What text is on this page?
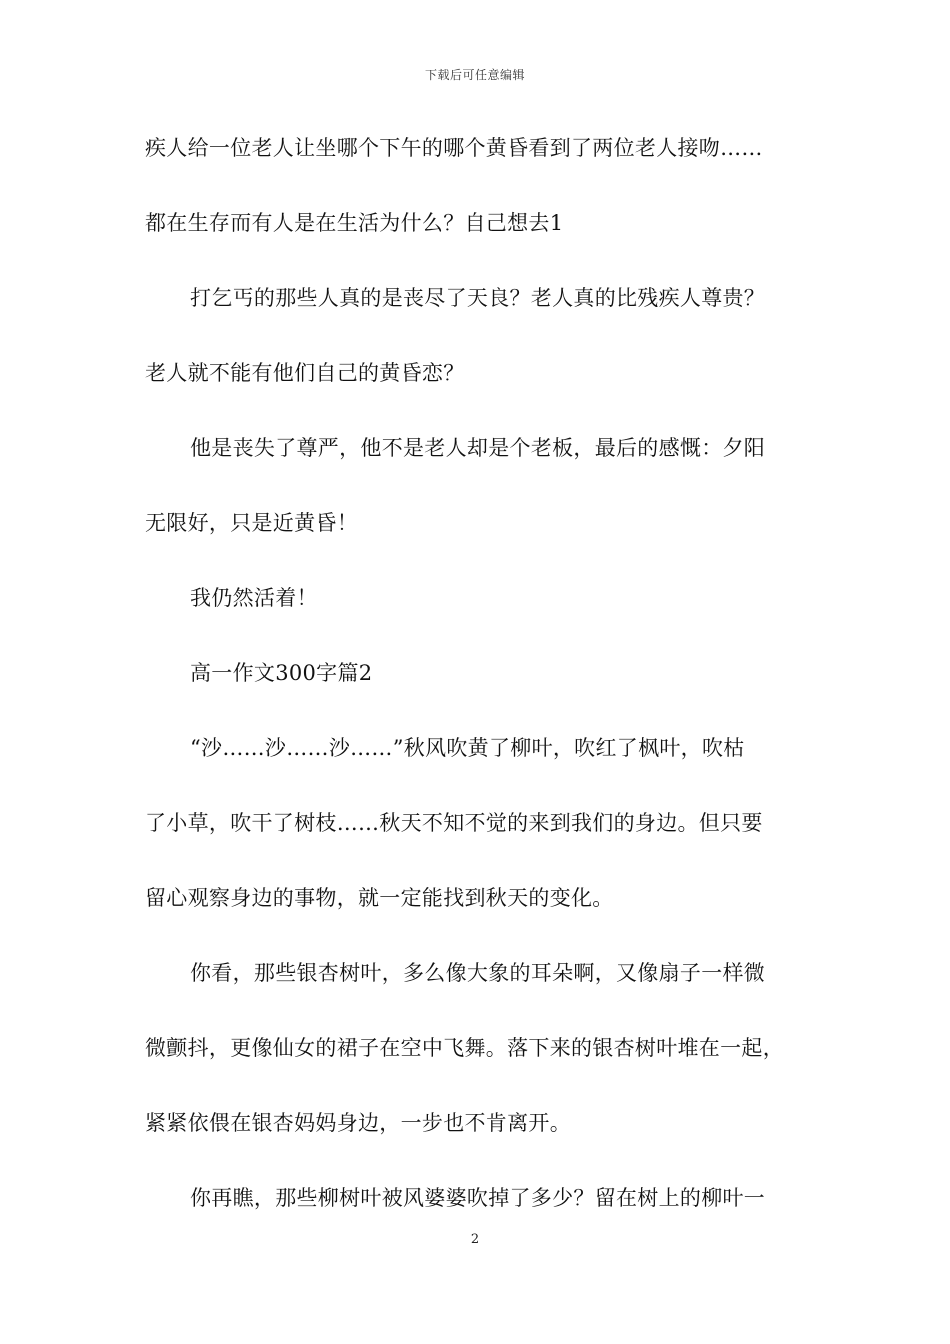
下载后可任意编辑
疾人给一位老人让坐哪个下午的哪个黄昏看到了两位老人接吻……
都在生存而有人是在生活为什么？自己想去1
打乞丐的那些人真的是丧尽了天良？老人真的比残疾人尊贵？
老人就不能有他们自己的黄昏恋？
他是丧失了尊严，他不是老人却是个老板，最后的感慨：夕阳
无限好，只是近黄昏！
我仍然活着！
高一作文300字篇2
“沙……沙……沙……”秋风吹黄了柳叶，吹红了枫叶，吹枯
了小草，吹干了树枝……秋天不知不觉的来到我们的身边。但只要
留心观察身边的事物，就一定能找到秋天的变化。
你看，那些银杏树叶，多么像大象的耳朵啊，又像扇子一样微
微颤抖，更像仙女的裙子在空中飞舞。落下来的银杏树叶堆在一起，
紧紧依偎在银杏妈妈身边，一步也不肯离开。
你再瞧，那些柳树叶被风婆婆吹掉了多少？留在树上的柳叶一
2
